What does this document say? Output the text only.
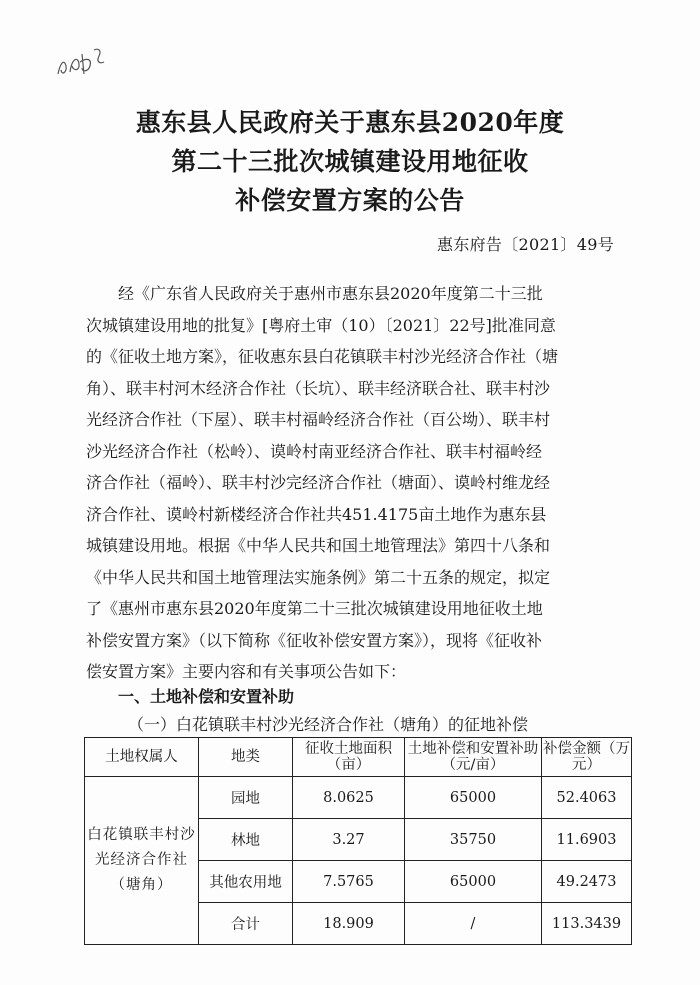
惠东县人民政府关于惠东县2020年度
第二十三批次城镇建设用地征收
补偿安置方案的公告
惠东府告〔2021〕49号
经《广东省人民政府关于惠州市惠东县2020年度第二十三批
次城镇建设用地的批复》[粤府土审（10）〔2021〕22号]批准同意
的《征收土地方案》，征收惠东县白花镇联丰村沙光经济合作社（塘
角）、联丰村河木经济合作社（长坑）、联丰经济联合社、联丰村沙
光经济合作社（下屋）、联丰村福岭经济合作社（百公坳）、联丰村
沙光经济合作社（松岭）、谟岭村南亚经济合作社、联丰村福岭经
济合作社（福岭）、联丰村沙完经济合作社（塘面）、谟岭村维龙经
济合作社、谟岭村新楼经济合作社共451.4175亩土地作为惠东县
城镇建设用地。根据《中华人民共和国土地管理法》第四十八条和
《中华人民共和国土地管理法实施条例》第二十五条的规定，拟定
了《惠州市惠东县2020年度第二十三批次城镇建设用地征收土地
补偿安置方案》（以下简称《征收补偿安置方案》），现将《征收补
偿安置方案》主要内容和有关事项公告如下：
一、土地补偿和安置补助
（一）白花镇联丰村沙光经济合作社（塘角）的征地补偿
土地权属人	地类	征收土地面积（亩）	土地补偿和安置补助（元/亩）	补偿金额（万元）
白花镇联丰村沙光经济合作社（塘角）	园地	8.0625	65000	52.4063
	林地	3.27	35750	11.6903
	其他农用地	7.5765	65000	49.2473
	合计	18.909	/	113.3439
